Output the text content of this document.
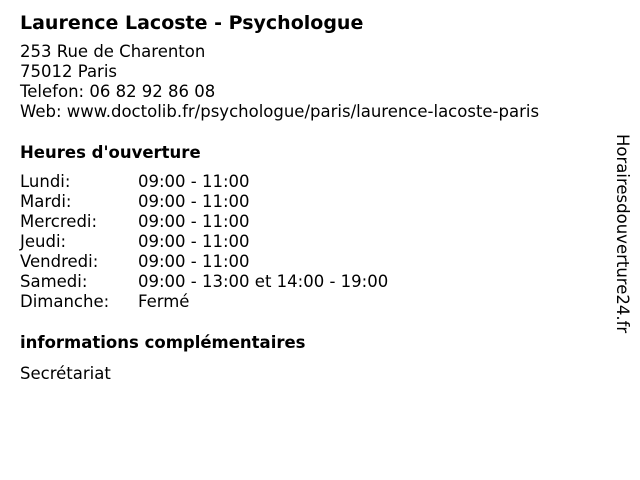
Laurence Lacoste - Psychologue
253 Rue de Charenton
75012 Paris
Telefon: 06 82 92 86 08
Web: www.doctolib.fr/psychologue/paris/laurence-lacoste-paris
Heures d'ouverture
Lundi:	09:00 - 11:00
Mardi:	09:00 - 11:00
Mercredi:	09:00 - 11:00
Jeudi:	09:00 - 11:00
Vendredi:	09:00 - 11:00
Samedi:	09:00 - 13:00 et 14:00 - 19:00
Dimanche:	Fermé
informations complémentaires
Secrétariat
Horairesdouverture24.fr
